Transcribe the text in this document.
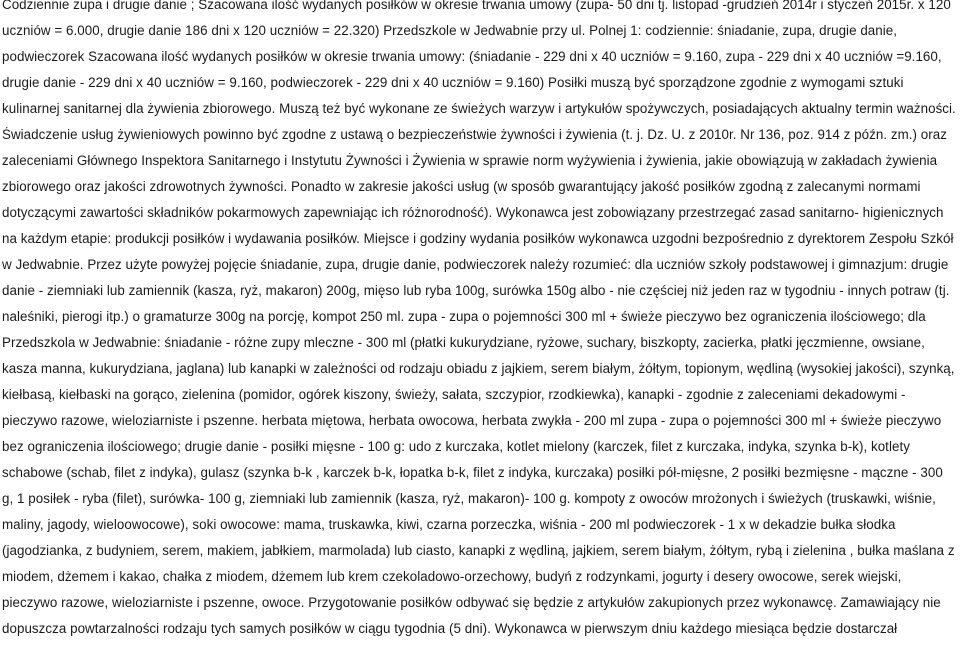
Codziennie zupa i drugie danie ; Szacowana ilość wydanych posiłków w okresie trwania umowy (zupa- 50 dni tj. listopad -grudzień 2014r i styczeń 2015r. x 120
uczniów = 6.000, drugie danie 186 dni x 120 uczniów = 22.320) Przedszkole w Jedwabnie przy ul. Polnej 1: codziennie: śniadanie, zupa, drugie danie,
podwieczorek Szacowana ilość wydanych posiłków w okresie trwania umowy: (śniadanie - 229 dni x 40 uczniów = 9.160, zupa - 229 dni x 40 uczniów =9.160,
drugie danie - 229 dni x 40 uczniów = 9.160, podwieczorek - 229 dni x 40 uczniów = 9.160) Posiłki muszą być sporządzone zgodnie z wymogami sztuki
kulinarnej sanitarnej dla żywienia zbiorowego. Muszą też być wykonane ze świeżych warzyw i artykułów spożywczych, posiadających aktualny termin ważności.
Świadczenie usług żywieniowych powinno być zgodne z ustawą o bezpieczeństwie żywności i żywienia (t. j. Dz. U. z 2010r. Nr 136, poz. 914 z późn. zm.) oraz
zaleceniami Głównego Inspektora Sanitarnego i Instytutu Żywności i Żywienia w sprawie norm wyżywienia i żywienia, jakie obowiązują w zakładach żywienia
zbiorowego oraz jakości zdrowotnych żywności. Ponadto w zakresie jakości usług (w sposób gwarantujący jakość posiłków zgodną z zalecanymi normami
dotyczącymi zawartości składników pokarmowych zapewniając ich różnorodność). Wykonawca jest zobowiązany przestrzegać zasad sanitarno- higienicznych
na każdym etapie: produkcji posiłków i wydawania posiłków. Miejsce i godziny wydania posiłków wykonawca uzgodni bezpośrednio z dyrektorem Zespołu Szkół
w Jedwabnie. Przez użyte powyżej pojęcie śniadanie, zupa, drugie danie, podwieczorek należy rozumieć: dla uczniów szkoły podstawowej i gimnazjum: drugie
danie - ziemniaki lub zamiennik (kasza, ryż, makaron) 200g, mięso lub ryba 100g, surówka 150g albo - nie częściej niż jeden raz w tygodniu - innych potraw (tj.
naleśniki, pierogi itp.) o gramaturze 300g na porcję, kompot 250 ml. zupa - zupa o pojemności 300 ml + świeże pieczywo bez ograniczenia ilościowego; dla
Przedszkola w Jedwabnie: śniadanie - różne zupy mleczne - 300 ml (płatki kukurydziane, ryżowe, suchary, biszkopty, zacierka, płatki jęczmienne, owsiane,
kasza manna, kukurydziana, jaglana) lub kanapki w zależności od rodzaju obiadu z jajkiem, serem białym, żółtym, topionym, wędliną (wysokiej jakości), szynką,
kiełbasą, kiełbaski na gorąco, zielenina (pomidor, ogórek kiszony, świeży, sałata, szczypior, rzodkiewka), kanapki - zgodnie z zaleceniami dekadowymi -
pieczywo razowe, wieloziarniste i pszenne. herbata miętowa, herbata owocowa, herbata zwykła - 200 ml zupa - zupa o pojemności 300 ml + świeże pieczywo
bez ograniczenia ilościowego; drugie danie - posiłki mięsne - 100 g: udo z kurczaka, kotlet mielony (karczek, filet z kurczaka, indyka, szynka b-k), kotlety
schabowe (schab, filet z indyka), gulasz (szynka b-k , karczek b-k, łopatka b-k, filet z indyka, kurczaka) posiłki pół-mięsne, 2 posiłki bezmięsne - mączne - 300
g, 1 posiłek - ryba (filet), surówka- 100 g, ziemniaki lub zamiennik (kasza, ryż, makaron)- 100 g. kompoty z owoców mrożonych i świeżych (truskawki, wiśnie,
maliny, jagody, wieloowocowe), soki owocowe: mama, truskawka, kiwi, czarna porzeczka, wiśnia - 200 ml podwieczorek - 1 x w dekadzie bułka słodka
(jagodzianka, z budyniem, serem, makiem, jabłkiem, marmolada) lub ciasto, kanapki z wędliną, jajkiem, serem białym, żółtym, rybą i zielenina , bułka maślana z
miodem, dżemem i kakao, chałka z miodem, dżemem lub krem czekoladowo-orzechowy, budyń z rodzynkami, jogurty i desery owocowe, serek wiejski,
pieczywo razowe, wieloziarniste i pszenne, owoce. Przygotowanie posiłków odbywać się będzie z artykułów zakupionych przez wykonawcę. Zamawiający nie
dopuszcza powtarzalności rodzaju tych samych posiłków w ciągu tygodnia (5 dni). Wykonawca w pierwszym dniu każdego miesiąca będzie dostarczał
